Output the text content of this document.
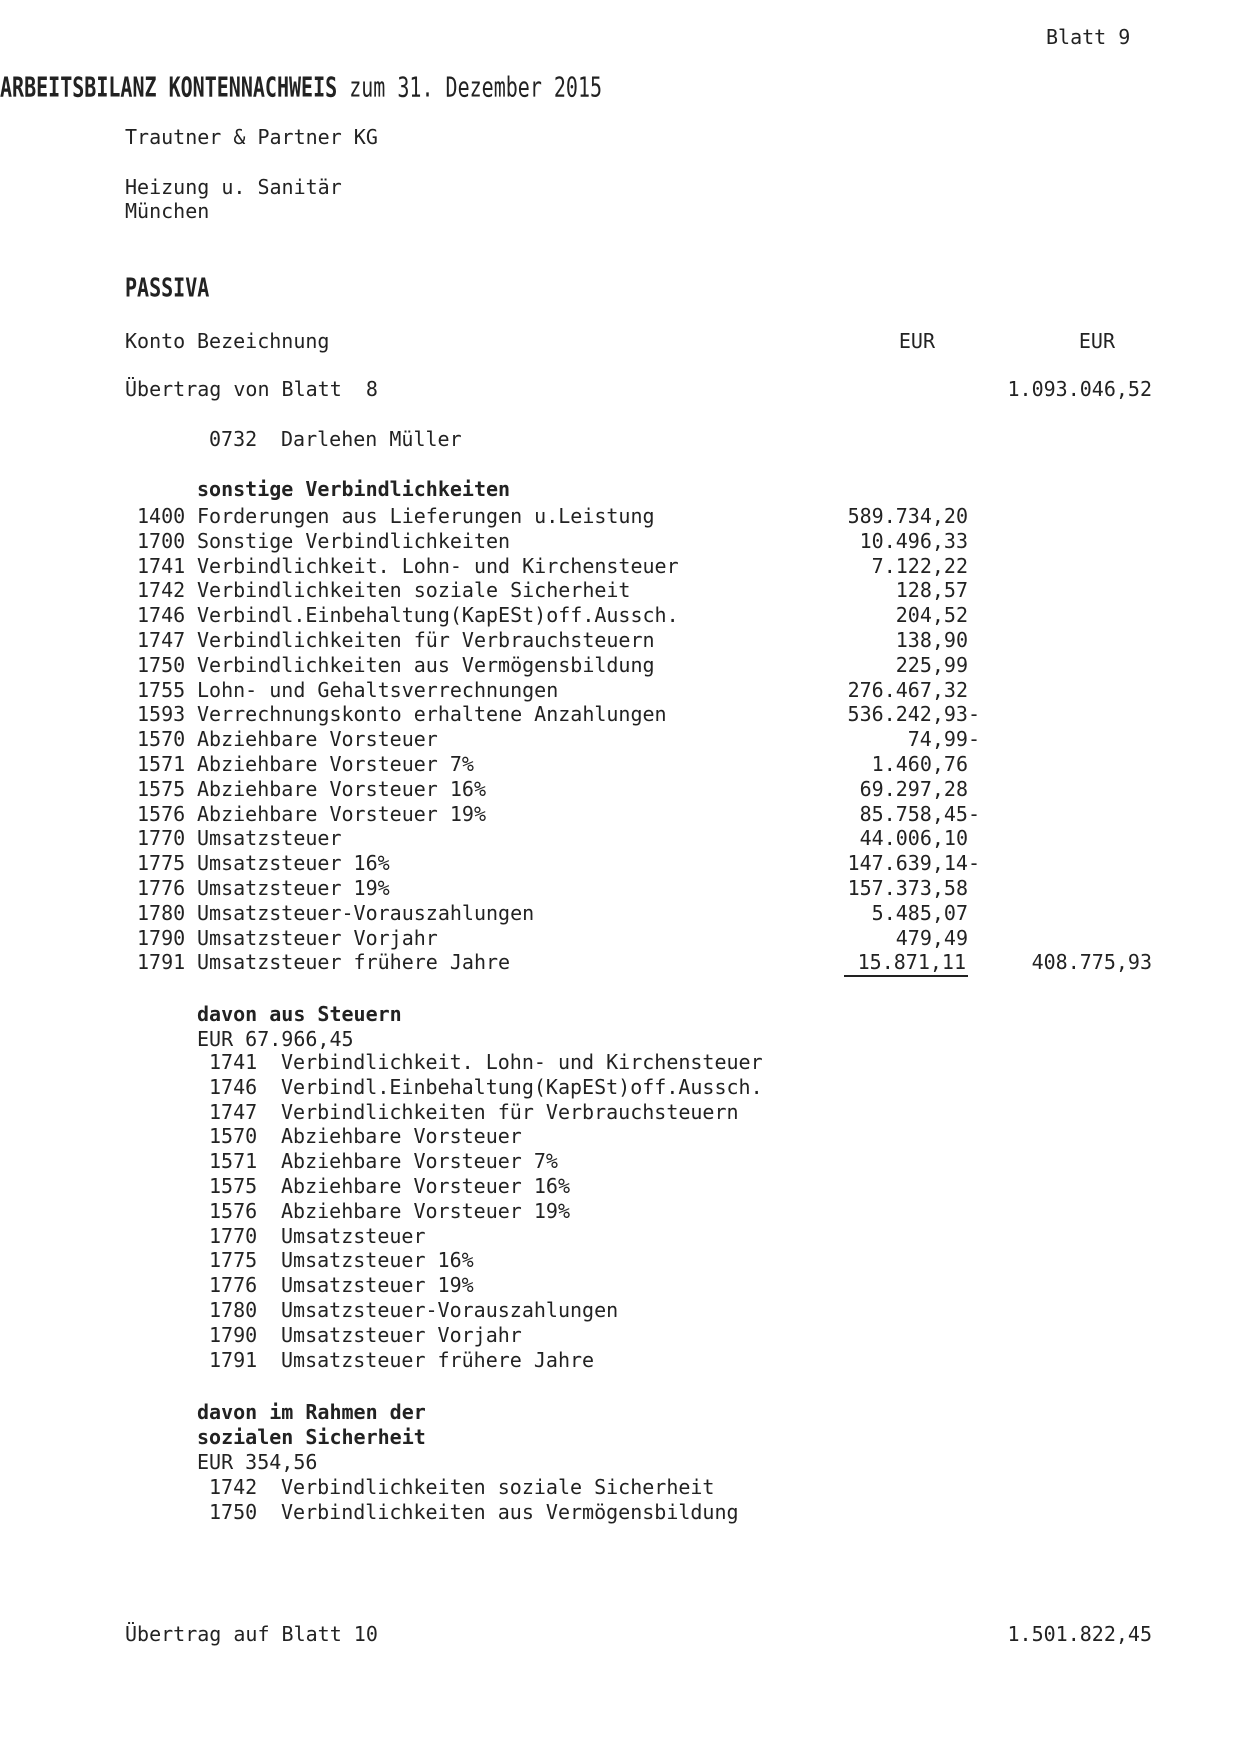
Blatt 9
ARBEITSBILANZ KONTENNACHWEIS zum 31. Dezember 2015
Trautner & Partner KG
Heizung u. Sanitär
München
PASSIVA
Konto Bezeichnung	EUR	EUR
Übertrag von Blatt  8	1.093.046,52
0732 Darlehen Müller
sonstige Verbindlichkeiten
1400 Forderungen aus Lieferungen u.Leistung	589.734,20
1700 Sonstige Verbindlichkeiten	10.496,33
1741 Verbindlichkeit. Lohn- und Kirchensteuer	7.122,22
1742 Verbindlichkeiten soziale Sicherheit	128,57
1746 Verbindl.Einbehaltung(KapESt)off.Aussch.	204,52
1747 Verbindlichkeiten für Verbrauchsteuern	138,90
1750 Verbindlichkeiten aus Vermögensbildung	225,99
1755 Lohn- und Gehaltsverrechnungen	276.467,32
1593 Verrechnungskonto erhaltene Anzahlungen	536.242,93-
1570 Abziehbare Vorsteuer	74,99-
1571 Abziehbare Vorsteuer 7%	1.460,76
1575 Abziehbare Vorsteuer 16%	69.297,28
1576 Abziehbare Vorsteuer 19%	85.758,45-
1770 Umsatzsteuer	44.006,10
1775 Umsatzsteuer 16%	147.639,14-
1776 Umsatzsteuer 19%	157.373,58
1780 Umsatzsteuer-Vorauszahlungen	5.485,07
1790 Umsatzsteuer Vorjahr	479,49
1791 Umsatzsteuer frühere Jahre	15.871,11	408.775,93
davon aus Steuern
EUR 67.966,45
1741 Verbindlichkeit. Lohn- und Kirchensteuer
1746 Verbindl.Einbehaltung(KapESt)off.Aussch.
1747 Verbindlichkeiten für Verbrauchsteuern
1570 Abziehbare Vorsteuer
1571 Abziehbare Vorsteuer 7%
1575 Abziehbare Vorsteuer 16%
1576 Abziehbare Vorsteuer 19%
1770 Umsatzsteuer
1775 Umsatzsteuer 16%
1776 Umsatzsteuer 19%
1780 Umsatzsteuer-Vorauszahlungen
1790 Umsatzsteuer Vorjahr
1791 Umsatzsteuer frühere Jahre
davon im Rahmen der
sozialen Sicherheit
EUR 354,56
1742 Verbindlichkeiten soziale Sicherheit
1750 Verbindlichkeiten aus Vermögensbildung
Übertrag auf Blatt 10	1.501.822,45
